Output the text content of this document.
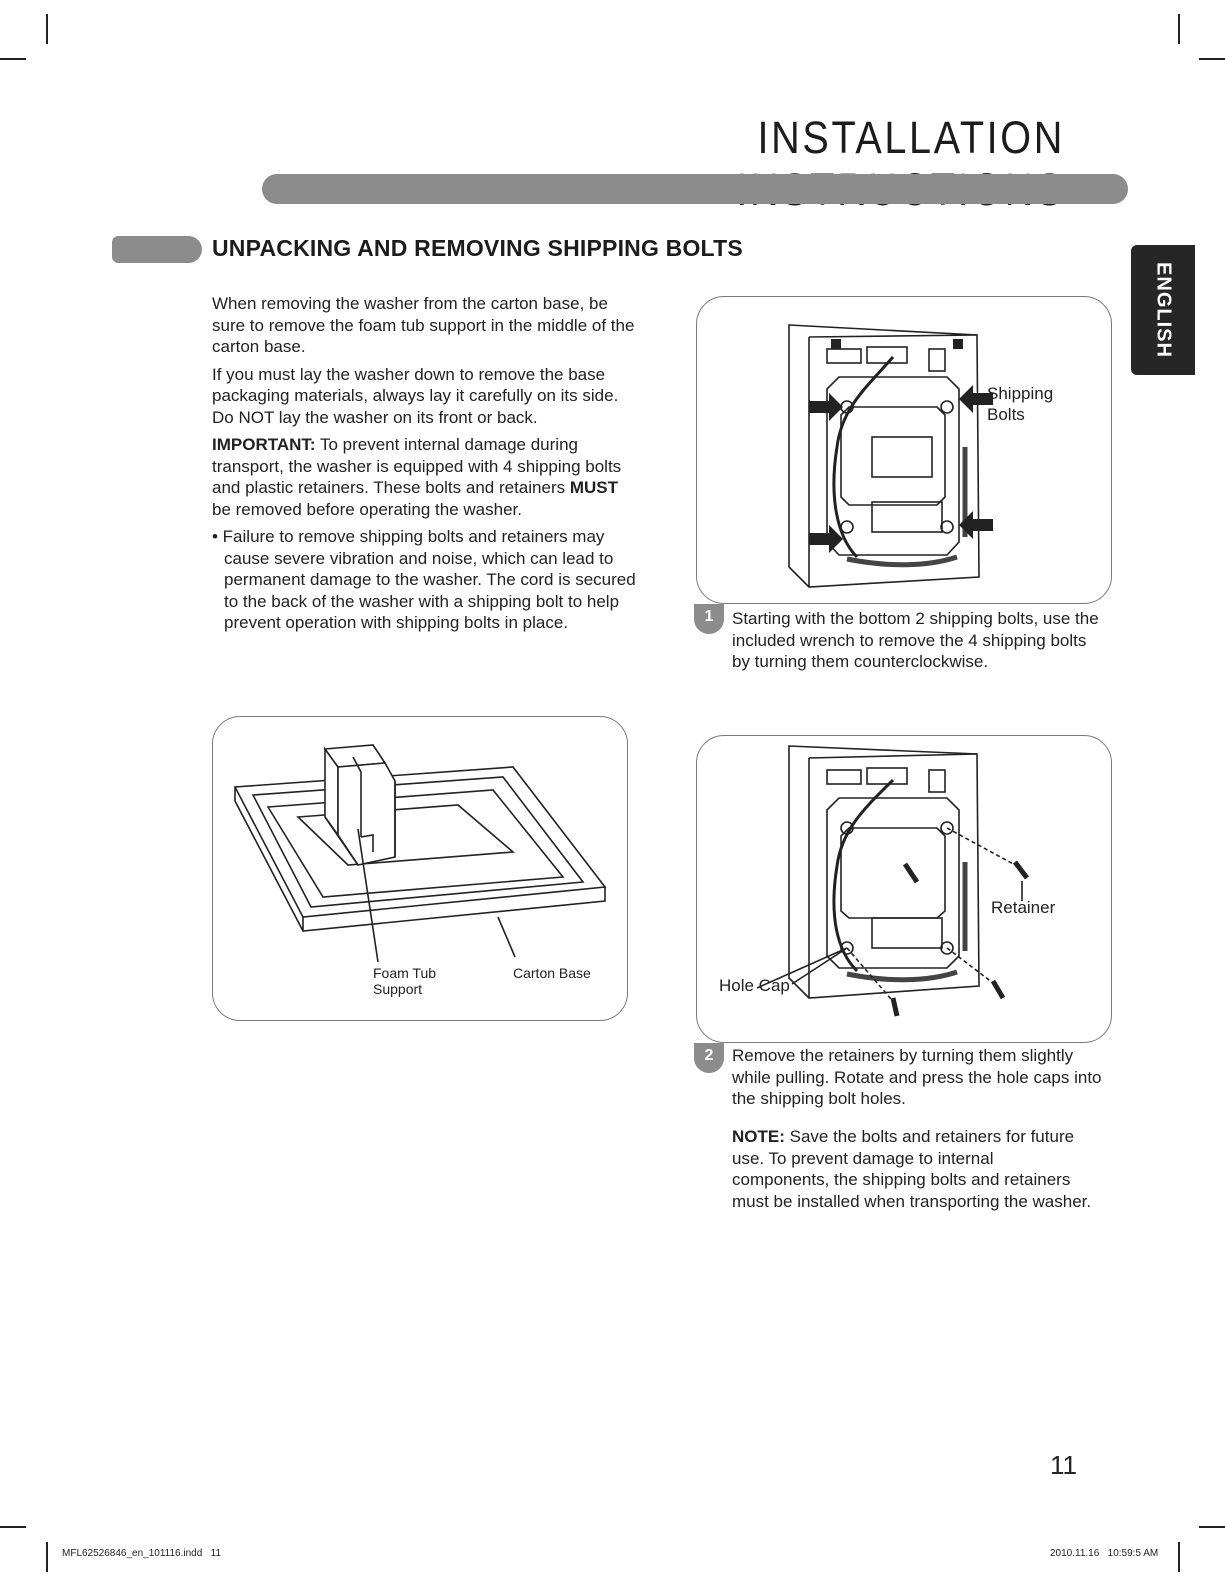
INSTALLATION
UNPACKING AND REMOVING SHIPPING BOLTS
ENGLISH

When removing the washer from the carton base, be sure to remove the foam tub support in the middle of the carton base.

If you must lay the washer down to remove the base packaging materials, always lay it carefully on its side. Do NOT lay the washer on its front or back.

IMPORTANT: To prevent internal damage during transport, the washer is equipped with 4 shipping bolts and plastic retainers. These bolts and retainers MUST be removed before operating the washer.

• Failure to remove shipping bolts and retainers may cause severe vibration and noise, which can lead to permanent damage to the washer. The cord is secured to the back of the washer with a shipping bolt to help prevent operation with shipping bolts in place.

Foam Tub
Support
Carton Base
Shipping
Bolts
1	Starting with the bottom 2 shipping bolts, use the included wrench to remove the 4 shipping bolts by turning them counterclockwise.
Retainer
Hole Cap
2	Remove the retainers by turning them slightly while pulling. Rotate and press the hole caps into the shipping bolt holes.
NOTE: Save the bolts and retainers for future use. To prevent damage to internal components, the shipping bolts and retainers must be installed when transporting the washer.
11
MFL62526846_en_101116.indd   11	2010.11.16   10:59:5 AM
